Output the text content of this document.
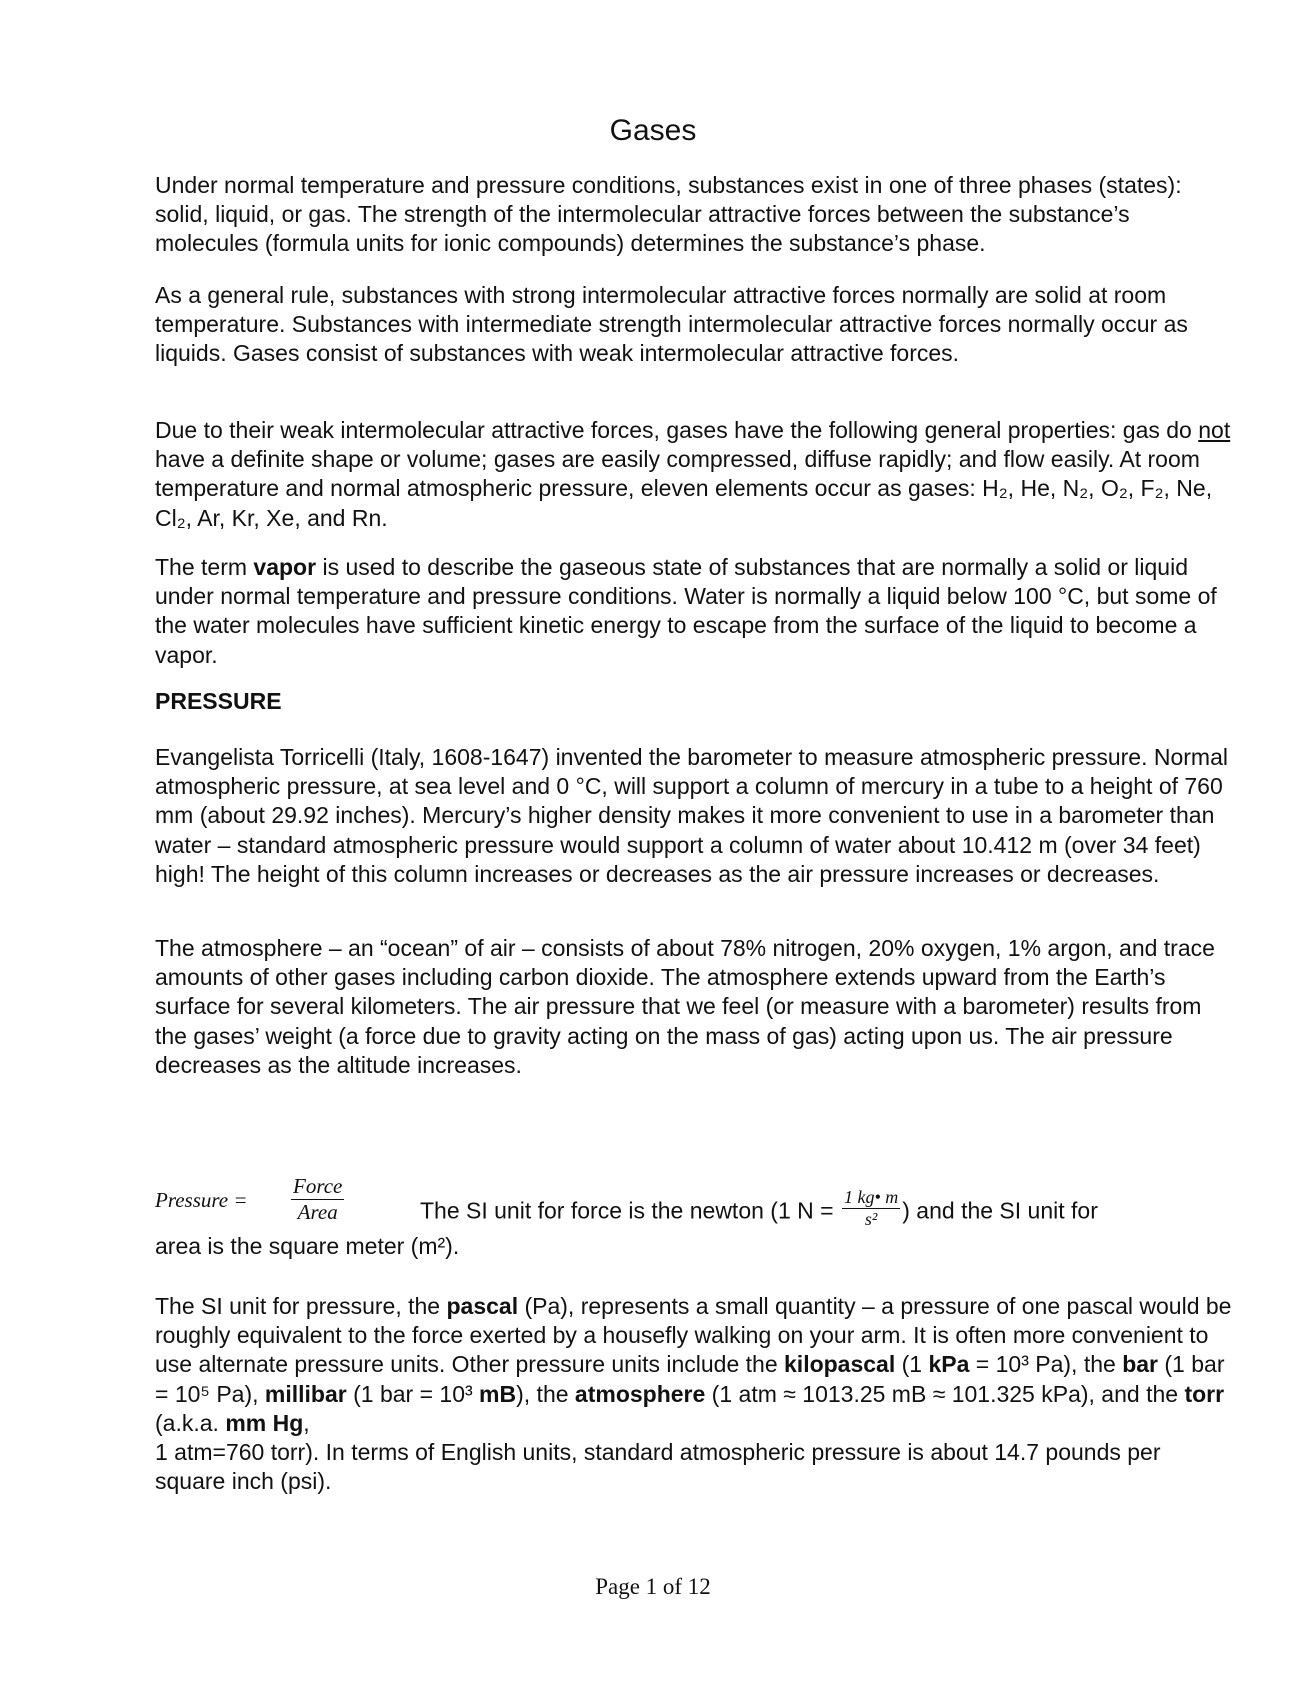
Gases

Under normal temperature and pressure conditions, substances exist in one of three phases (states): solid, liquid, or gas. The strength of the intermolecular attractive forces between the substance’s molecules (formula units for ionic compounds) determines the substance’s phase.

As a general rule, substances with strong intermolecular attractive forces normally are solid at room temperature. Substances with intermediate strength intermolecular attractive forces normally occur as liquids. Gases consist of substances with weak intermolecular attractive forces.

Due to their weak intermolecular attractive forces, gases have the following general properties: gas do not have a definite shape or volume; gases are easily compressed, diffuse rapidly; and flow easily. At room temperature and normal atmospheric pressure, eleven elements occur as gases: H₂, He, N₂, O₂, F₂, Ne, Cl₂, Ar, Kr, Xe, and Rn.

The term vapor is used to describe the gaseous state of substances that are normally a solid or liquid under normal temperature and pressure conditions. Water is normally a liquid below 100 °C, but some of the water molecules have sufficient kinetic energy to escape from the surface of the liquid to become a vapor.

PRESSURE

Evangelista Torricelli (Italy, 1608-1647) invented the barometer to measure atmospheric pressure. Normal atmospheric pressure, at sea level and 0 °C, will support a column of mercury in a tube to a height of 760 mm (about 29.92 inches). Mercury’s higher density makes it more convenient to use in a barometer than water – standard atmospheric pressure would support a column of water about 10.412 m (over 34 feet) high! The height of this column increases or decreases as the air pressure increases or decreases.

The atmosphere – an “ocean” of air – consists of about 78% nitrogen, 20% oxygen, 1% argon, and trace amounts of other gases including carbon dioxide. The atmosphere extends upward from the Earth’s surface for several kilometers. The air pressure that we feel (or measure with a barometer) results from the gases’ weight (a force due to gravity acting on the mass of gas) acting upon us. The air pressure decreases as the altitude increases.

Pressure =
Force
Area	The SI unit for force is the newton (1 $N = \frac{1 kg• m}{\text{s²}}$ ) and the SI unit for

area is the square meter (m²).

The SI unit for pressure, the pascal (Pa), represents a small quantity – a pressure of one pascal would be roughly equivalent to the force exerted by a housefly walking on your arm. It is often more convenient to use alternate pressure units. Other pressure units include the kilopascal (1 kPa = 10³ Pa), the bar (1 bar = 10⁵ Pa), millibar (1 bar = 10³ mB), the atmosphere (1 atm ≈ 1013.25 mB ≈ 101.325 kPa), and the torr (a.k.a. mm Hg,
1 atm=760 torr). In terms of English units, standard atmospheric pressure is about 14.7 pounds per square inch (psi).

Page 1 of 12
